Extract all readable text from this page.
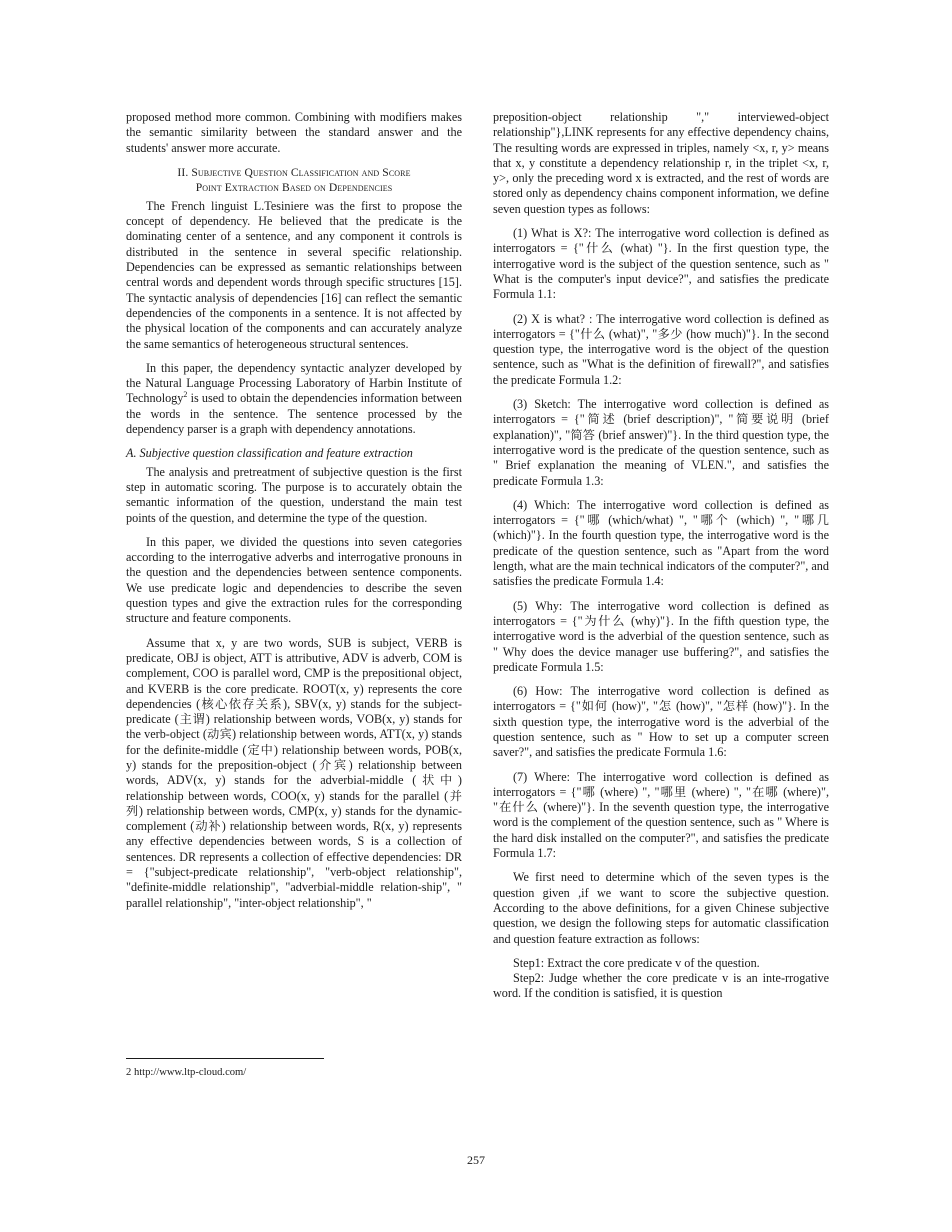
proposed method more common. Combining with modifiers makes the semantic similarity between the standard answer and the students' answer more accurate.

II. Subjective Question Classification and Score
Point Extraction Based on Dependencies

The French linguist L.Tesiniere was the first to propose the concept of dependency. He believed that the predicate is the dominating center of a sentence, and any component it controls is distributed in the sentence in several specific relationship. Dependencies can be expressed as semantic relationships between central words and dependent words through specific structures [15]. The syntactic analysis of dependencies [16] can reflect the semantic dependencies of the components in a sentence. It is not affected by the physical location of the components and can accurately analyze the same semantics of heterogeneous structural sentences.

In this paper, the dependency syntactic analyzer developed by the Natural Language Processing Laboratory of Harbin Institute of Technology$^2$ is used to obtain the dependencies information between the words in the sentence. The sentence processed by the dependency parser is a graph with dependency annotations.

A. Subjective question classification and feature extraction

The analysis and pretreatment of subjective question is the first step in automatic scoring. The purpose is to accurately obtain the semantic information of the question, understand the main test points of the question, and determine the type of the question.

In this paper, we divided the questions into seven categories according to the interrogative adverbs and interrogative pronouns in the question and the dependencies between sentence components. We use predicate logic and dependencies to describe the seven question types and give the extraction rules for the corresponding structure and feature components.

Assume that x, y are two words, SUB is subject, VERB is predicate, OBJ is object, ATT is attributive, ADV is adverb, COM is complement, COO is parallel word, CMP is the prepositional object, and KVERB is the core predicate. ROOT(x, y) represents the core dependencies (核心依存关系), SBV(x, y) stands for the subject-predicate (主谓) relationship between words, VOB(x, y) stands for the verb-object (动宾) relationship between words, ATT(x, y) stands for the definite-middle (定中) relationship between words, POB(x, y) stands for the preposition-object (介宾) relationship between words, ADV(x, y) stands for the adverbial-middle (状中) relationship between words, COO(x, y) stands for the parallel (并列) relationship between words, CMP(x, y) stands for the dynamic-complement (动补) relationship between words, R(x, y) represents any effective dependencies between words, S is a collection of sentences. DR represents a collection of effective dependencies: DR = {"subject-predicate relationship", "verb-object relationship", "definite-middle relationship", "adverbial-middle relation-ship", " parallel relationship", "inter-object relationship", "

preposition-object relationship "," interviewed-object relationship"},LINK represents for any effective dependency chains, The resulting words are expressed in triples, namely <x, r, y> means that x, y constitute a dependency relationship r, in the triplet <x, r, y>, only the preceding word x is extracted, and the rest of words are stored only as dependency chains component information, we define seven question types as follows:

(1) What is X?: The interrogative word collection is defined as interrogators = {"什么 (what) "}. In the first question type, the interrogative word is the subject of the question sentence, such as " What is the computer's input device?", and satisfies the predicate Formula 1.1:

(2) X is what? : The interrogative word collection is defined as interrogators = {"什么 (what)", "多少 (how much)"}. In the second question type, the interrogative word is the object of the question sentence, such as "What is the definition of firewall?", and satisfies the predicate Formula 1.2:

(3) Sketch: The interrogative word collection is defined as interrogators = {"简述 (brief description)", "简要说明 (brief explanation)", "简答 (brief answer)"}. In the third question type, the interrogative word is the predicate of the question sentence, such as " Brief explanation the meaning of VLEN.", and satisfies the predicate Formula 1.3:

(4) Which: The interrogative word collection is defined as interrogators = {"哪 (which/what) ", "哪个 (which) ", "哪几 (which)"}. In the fourth question type, the interrogative word is the predicate of the question sentence, such as "Apart from the word length, what are the main technical indicators of the computer?", and satisfies the predicate Formula 1.4:

(5) Why: The interrogative word collection is defined as interrogators = {"为什么 (why)"}. In the fifth question type, the interrogative word is the adverbial of the question sentence, such as " Why does the device manager use buffering?", and satisfies the predicate Formula 1.5:

(6) How: The interrogative word collection is defined as interrogators = {"如何 (how)", "怎 (how)", "怎样 (how)"}. In the sixth question type, the interrogative word is the adverbial of the question sentence, such as " How to set up a computer screen saver?", and satisfies the predicate Formula 1.6:

(7) Where: The interrogative word collection is defined as interrogators = {"哪 (where) ", "哪里 (where) ", "在哪 (where)", "在什么 (where)"}. In the seventh question type, the interrogative word is the complement of the question sentence, such as " Where is the hard disk installed on the computer?", and satisfies the predicate Formula 1.7:

We first need to determine which of the seven types is the question given ,if we want to score the subjective question. According to the above definitions, for a given Chinese subjective question, we design the following steps for automatic classification and question feature extraction as follows:

Step1: Extract the core predicate v of the question.

Step2: Judge whether the core predicate v is an inte-rrogative word. If the condition is satisfied, it is question

2 http://www.ltp-cloud.com/
257
